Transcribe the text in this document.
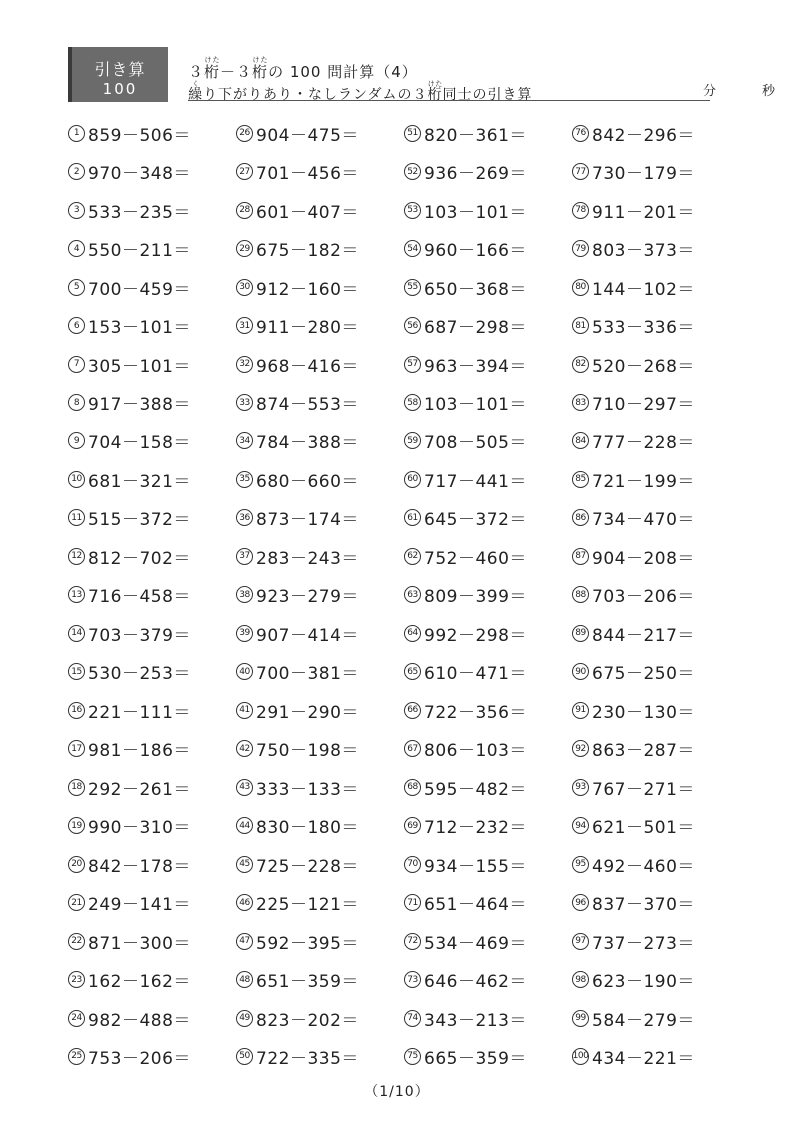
引き算
100
３桁けた－３桁けたの 100 問計算（4）
繰くり下がりあり・なしランダムの３桁けた同士の引き算	分	秒
1 859－506＝
2 970－348＝
3 533－235＝
4 550－211＝
5 700－459＝
6 153－101＝
7 305－101＝
8 917－388＝
9 704－158＝
10 681－321＝
11 515－372＝
12 812－702＝
13 716－458＝
14 703－379＝
15 530－253＝
16 221－111＝
17 981－186＝
18 292－261＝
19 990－310＝
20 842－178＝
21 249－141＝
22 871－300＝
23 162－162＝
24 982－488＝
25 753－206＝
26 904－475＝
27 701－456＝
28 601－407＝
29 675－182＝
30 912－160＝
31 911－280＝
32 968－416＝
33 874－553＝
34 784－388＝
35 680－660＝
36 873－174＝
37 283－243＝
38 923－279＝
39 907－414＝
40 700－381＝
41 291－290＝
42 750－198＝
43 333－133＝
44 830－180＝
45 725－228＝
46 225－121＝
47 592－395＝
48 651－359＝
49 823－202＝
50 722－335＝
51 820－361＝
52 936－269＝
53 103－101＝
54 960－166＝
55 650－368＝
56 687－298＝
57 963－394＝
58 103－101＝
59 708－505＝
60 717－441＝
61 645－372＝
62 752－460＝
63 809－399＝
64 992－298＝
65 610－471＝
66 722－356＝
67 806－103＝
68 595－482＝
69 712－232＝
70 934－155＝
71 651－464＝
72 534－469＝
73 646－462＝
74 343－213＝
75 665－359＝
76 842－296＝
77 730－179＝
78 911－201＝
79 803－373＝
80 144－102＝
81 533－336＝
82 520－268＝
83 710－297＝
84 777－228＝
85 721－199＝
86 734－470＝
87 904－208＝
88 703－206＝
89 844－217＝
90 675－250＝
91 230－130＝
92 863－287＝
93 767－271＝
94 621－501＝
95 492－460＝
96 837－370＝
97 737－273＝
98 623－190＝
99 584－279＝
100 434－221＝
（1/10）
